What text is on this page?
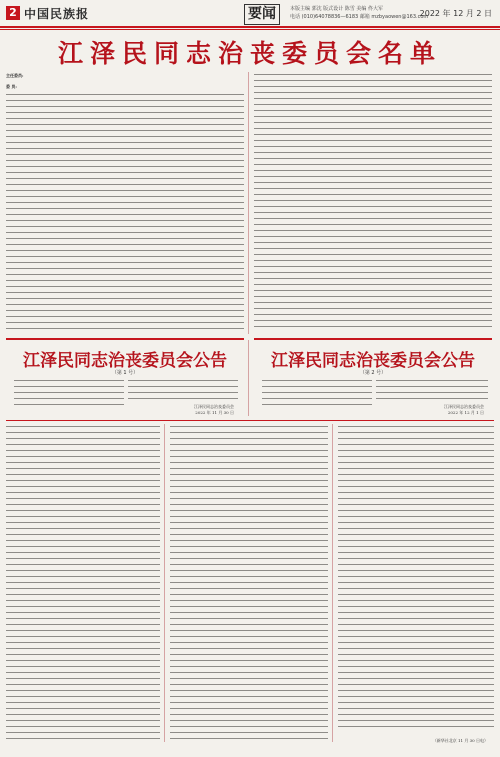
2 中国民族报	要闻	本版主编 郭沈 版式设计 陈雪 美编 佟大军
电话 (010)64078836—6183 邮箱 mzbyaowen@163.com
2022 年 12 月 2 日
江泽民同志治丧委员会名单
主任委员:
委 员:
江泽民同志治丧委员会公告
（第 1 号）
江泽民同志治丧委员会
2022 年 11 月 30 日
江泽民同志治丧委员会公告
（第 2 号）
江泽民同志治丧委员会
2022 年 12 月 1 日
（新华社北京 11 月 30 日电）
